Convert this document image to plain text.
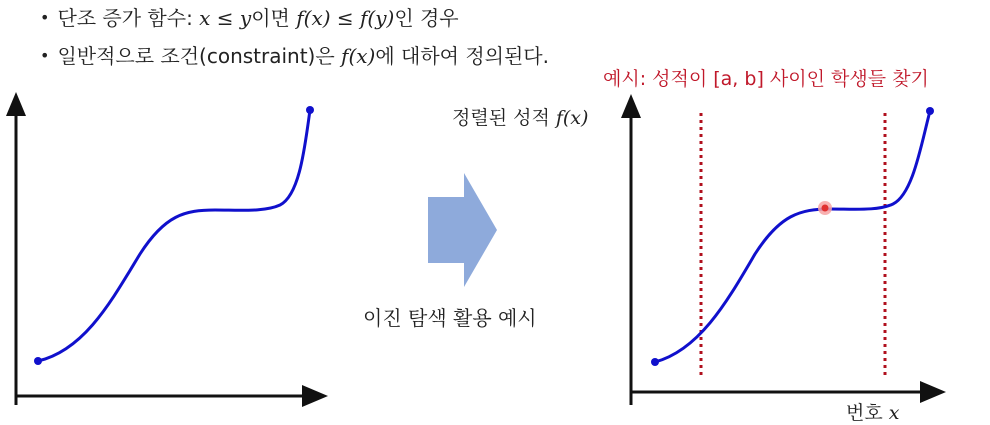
• 단조 증가 함수: x ≤ y이면 f(x) ≤ f(y)인 경우
• 일반적으로 조건(constraint)은 f(x)에 대하여 정의된다.
예시: 성적이 [a, b] 사이인 학생들 찾기
정렬된 성적 f(x)
번호 x
이진 탐색 활용 예시
